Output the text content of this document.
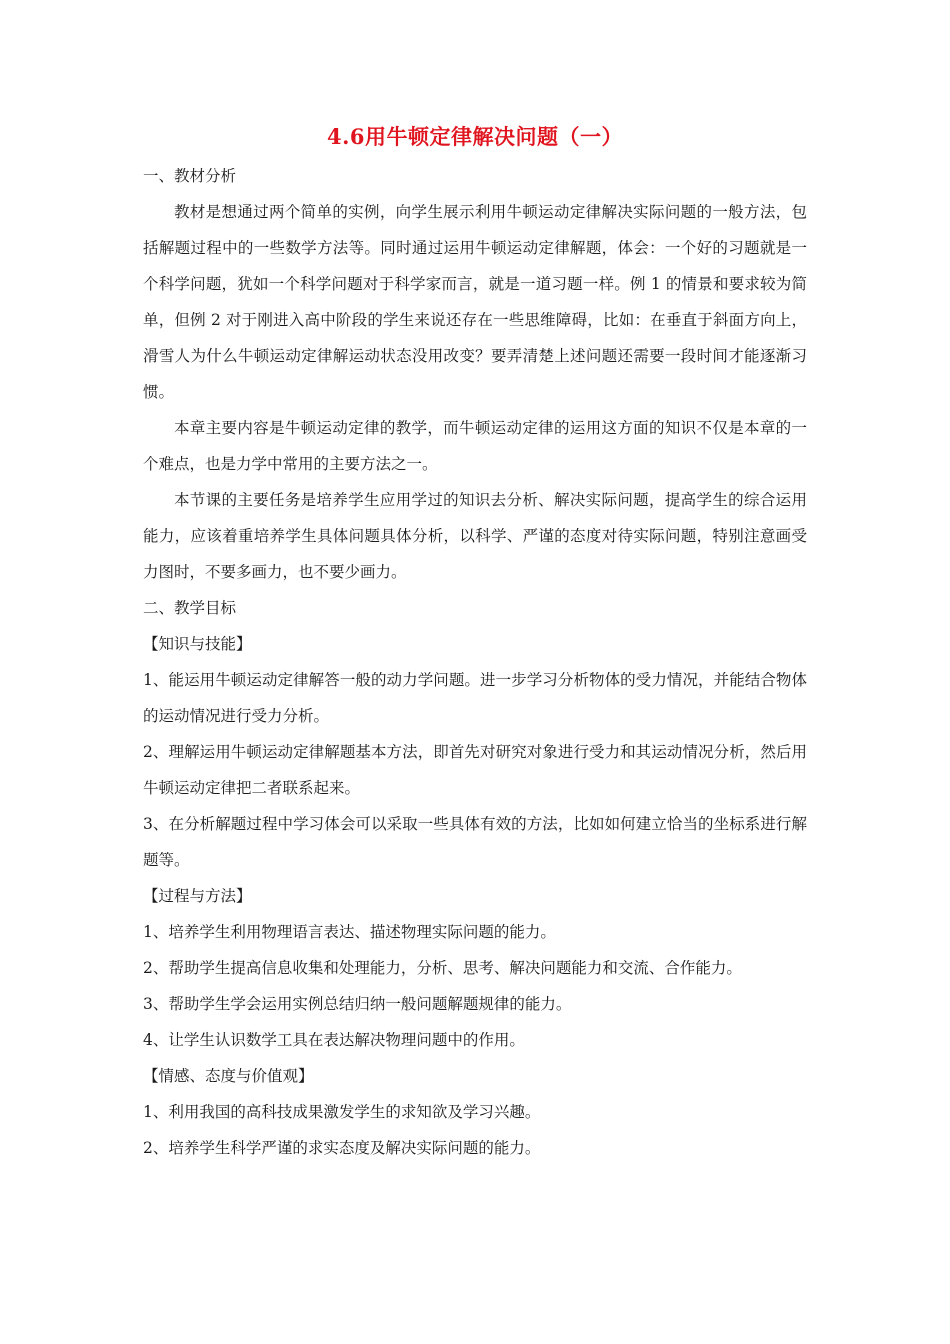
4.6用牛顿定律解决问题（一）

一、教材分析

教材是想通过两个简单的实例，向学生展示利用牛顿运动定律解决实际问题的一般方法，包括解题过程中的一些数学方法等。同时通过运用牛顿运动定律解题，体会：一个好的习题就是一个科学问题，犹如一个科学问题对于科学家而言，就是一道习题一样。例 1 的情景和要求较为简单，但例 2 对于刚进入高中阶段的学生来说还存在一些思维障碍，比如：在垂直于斜面方向上，滑雪人为什么牛顿运动定律解运动状态没用改变？要弄清楚上述问题还需要一段时间才能逐渐习惯。

本章主要内容是牛顿运动定律的教学，而牛顿运动定律的运用这方面的知识不仅是本章的一个难点，也是力学中常用的主要方法之一。

本节课的主要任务是培养学生应用学过的知识去分析、解决实际问题，提高学生的综合运用能力，应该着重培养学生具体问题具体分析，以科学、严谨的态度对待实际问题，特别注意画受力图时，不要多画力，也不要少画力。

二、教学目标

【知识与技能】

1、能运用牛顿运动定律解答一般的动力学问题。进一步学习分析物体的受力情况，并能结合物体的运动情况进行受力分析。

2、理解运用牛顿运动定律解题基本方法，即首先对研究对象进行受力和其运动情况分析，然后用牛顿运动定律把二者联系起来。

3、在分析解题过程中学习体会可以采取一些具体有效的方法，比如如何建立恰当的坐标系进行解题等。

【过程与方法】

1、培养学生利用物理语言表达、描述物理实际问题的能力。

2、帮助学生提高信息收集和处理能力，分析、思考、解决问题能力和交流、合作能力。

3、帮助学生学会运用实例总结归纳一般问题解题规律的能力。

4、让学生认识数学工具在表达解决物理问题中的作用。

【情感、态度与价值观】

1、利用我国的高科技成果激发学生的求知欲及学习兴趣。

2、培养学生科学严谨的求实态度及解决实际问题的能力。
